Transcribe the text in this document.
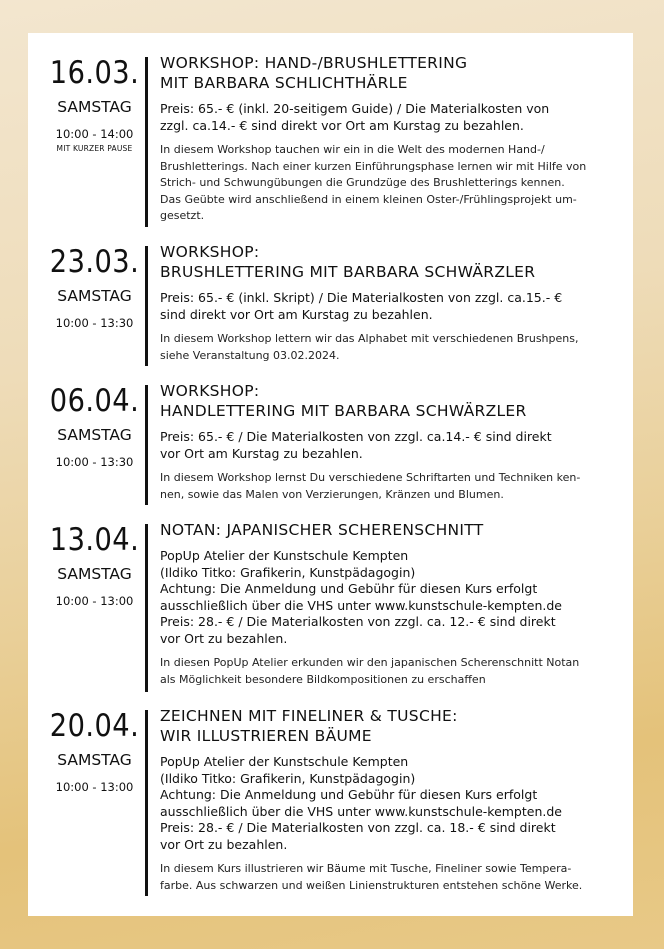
16.03.
SAMSTAG
10:00 - 14:00
MIT KURZER PAUSE
WORKSHOP: HAND-/BRUSHLETTERING
MIT BARBARA SCHLICHTHÄRLE
Preis: 65.- € (inkl. 20-seitigem Guide) / Die Materialkosten von
zzgl. ca.14.- € sind direkt vor Ort am Kurstag zu bezahlen.
In diesem Workshop tauchen wir ein in die Welt des modernen Hand-/
Brushletterings. Nach einer kurzen Einführungsphase lernen wir mit Hilfe von
Strich- und Schwungübungen die Grundzüge des Brushletterings kennen.
Das Geübte wird anschließend in einem kleinen Oster-/Frühlingsprojekt um-
gesetzt.
23.03.
SAMSTAG
10:00 - 13:30
WORKSHOP:
BRUSHLETTERING MIT BARBARA SCHWÄRZLER
Preis: 65.- € (inkl. Skript) / Die Materialkosten von zzgl. ca.15.- €
sind direkt vor Ort am Kurstag zu bezahlen.
In diesem Workshop lettern wir das Alphabet mit verschiedenen Brushpens,
siehe Veranstaltung 03.02.2024.
06.04.
SAMSTAG
10:00 - 13:30
WORKSHOP:
HANDLETTERING MIT BARBARA SCHWÄRZLER
Preis: 65.- € / Die Materialkosten von zzgl. ca.14.- € sind direkt
vor Ort am Kurstag zu bezahlen.
In diesem Workshop lernst Du verschiedene Schriftarten und Techniken ken-
nen, sowie das Malen von Verzierungen, Kränzen und Blumen.
13.04.
SAMSTAG
10:00 - 13:00
NOTAN: JAPANISCHER SCHERENSCHNITT
PopUp Atelier der Kunstschule Kempten
(Ildiko Titko: Grafikerin, Kunstpädagogin)
Achtung: Die Anmeldung und Gebühr für diesen Kurs erfolgt
ausschließlich über die VHS unter www.kunstschule-kempten.de
Preis: 28.- € / Die Materialkosten von zzgl. ca. 12.- € sind direkt
vor Ort zu bezahlen.
In diesen PopUp Atelier erkunden wir den japanischen Scherenschnitt Notan
als Möglichkeit besondere Bildkompositionen zu erschaffen
20.04.
SAMSTAG
10:00 - 13:00
ZEICHNEN MIT FINELINER & TUSCHE:
WIR ILLUSTRIEREN BÄUME
PopUp Atelier der Kunstschule Kempten
(Ildiko Titko: Grafikerin, Kunstpädagogin)
Achtung: Die Anmeldung und Gebühr für diesen Kurs erfolgt
ausschließlich über die VHS unter www.kunstschule-kempten.de
Preis: 28.- € / Die Materialkosten von zzgl. ca. 18.- € sind direkt
vor Ort zu bezahlen.
In diesem Kurs illustrieren wir Bäume mit Tusche, Fineliner sowie Tempera-
farbe. Aus schwarzen und weißen Linienstrukturen entstehen schöne Werke.
